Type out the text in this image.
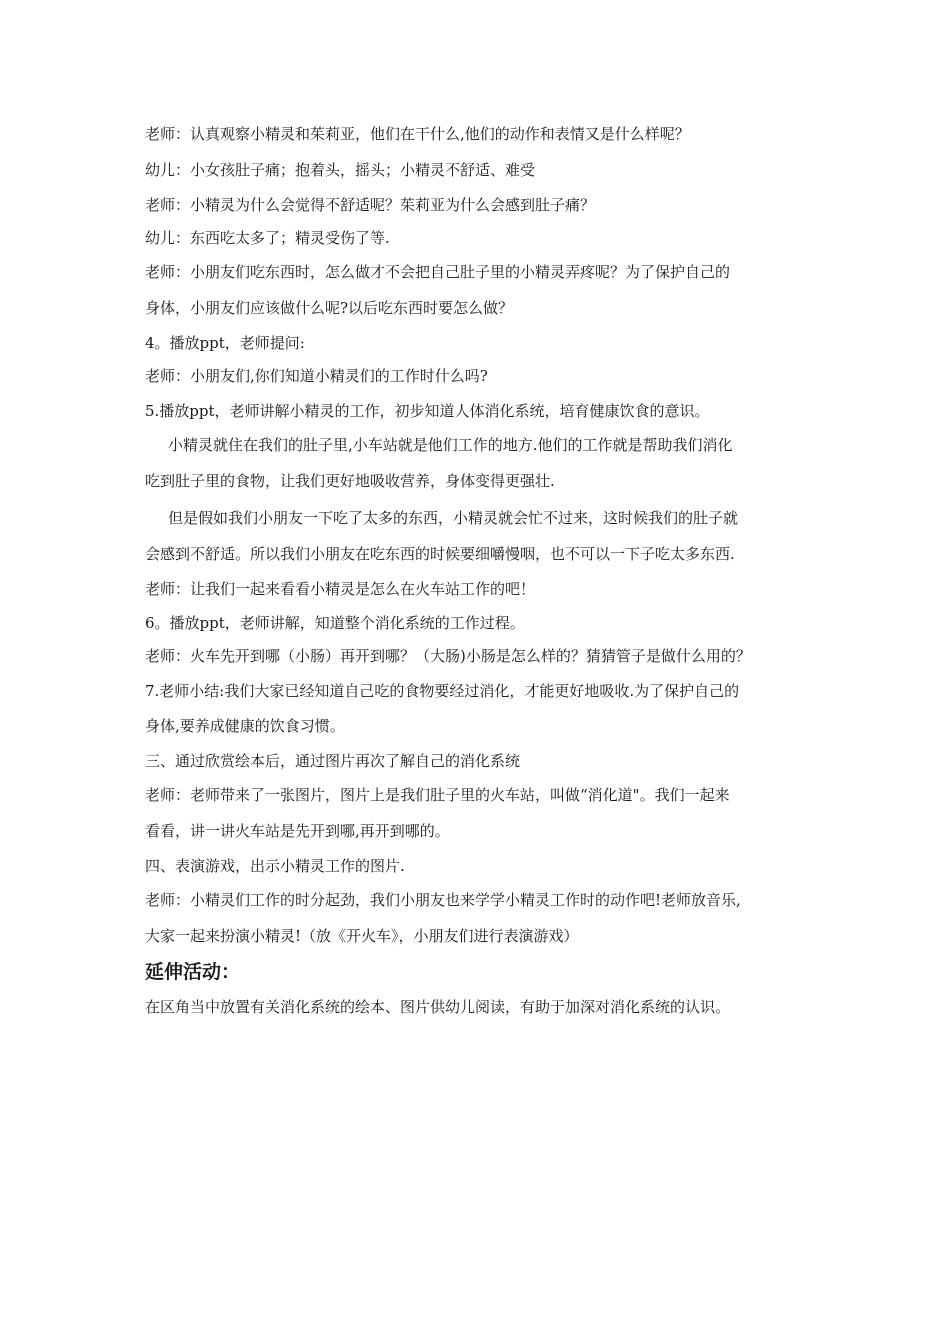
老师：认真观察小精灵和茱莉亚，他们在干什么,他们的动作和表情又是什么样呢？
幼儿：小女孩肚子痛；抱着头，摇头；小精灵不舒适、难受
老师：小精灵为什么会觉得不舒适呢？茱莉亚为什么会感到肚子痛？
幼儿：东西吃太多了；精灵受伤了等.
老师：小朋友们吃东西时，怎么做才不会把自己肚子里的小精灵弄疼呢？为了保护自己的
身体，小朋友们应该做什么呢?以后吃东西时要怎么做？
4。播放ppt，老师提问:
老师：小朋友们,你们知道小精灵们的工作时什么吗?
5.播放ppt，老师讲解小精灵的工作，初步知道人体消化系统，培育健康饮食的意识。
小精灵就住在我们的肚子里,小车站就是他们工作的地方.他们的工作就是帮助我们消化
吃到肚子里的食物，让我们更好地吸收营养，身体变得更强壮.
但是假如我们小朋友一下吃了太多的东西，小精灵就会忙不过来，这时候我们的肚子就
会感到不舒适。所以我们小朋友在吃东西的时候要细嚼慢咽，也不可以一下子吃太多东西.
老师：让我们一起来看看小精灵是怎么在火车站工作的吧！
6。播放ppt，老师讲解，知道整个消化系统的工作过程。
老师：火车先开到哪（小肠）再开到哪？（大肠)小肠是怎么样的？猜猜管子是做什么用的？
7.老师小结:我们大家已经知道自己吃的食物要经过消化，才能更好地吸收.为了保护自己的
身体,要养成健康的饮食习惯。
三、通过欣赏绘本后，通过图片再次了解自己的消化系统
老师：老师带来了一张图片，图片上是我们肚子里的火车站，叫做“消化道"。我们一起来
看看，讲一讲火车站是先开到哪,再开到哪的。
四、表演游戏，出示小精灵工作的图片.
老师：小精灵们工作的时分起劲，我们小朋友也来学学小精灵工作时的动作吧!老师放音乐,
大家一起来扮演小精灵!（放《开火车》，小朋友们进行表演游戏）
延伸活动：
在区角当中放置有关消化系统的绘本、图片供幼儿阅读，有助于加深对消化系统的认识。
